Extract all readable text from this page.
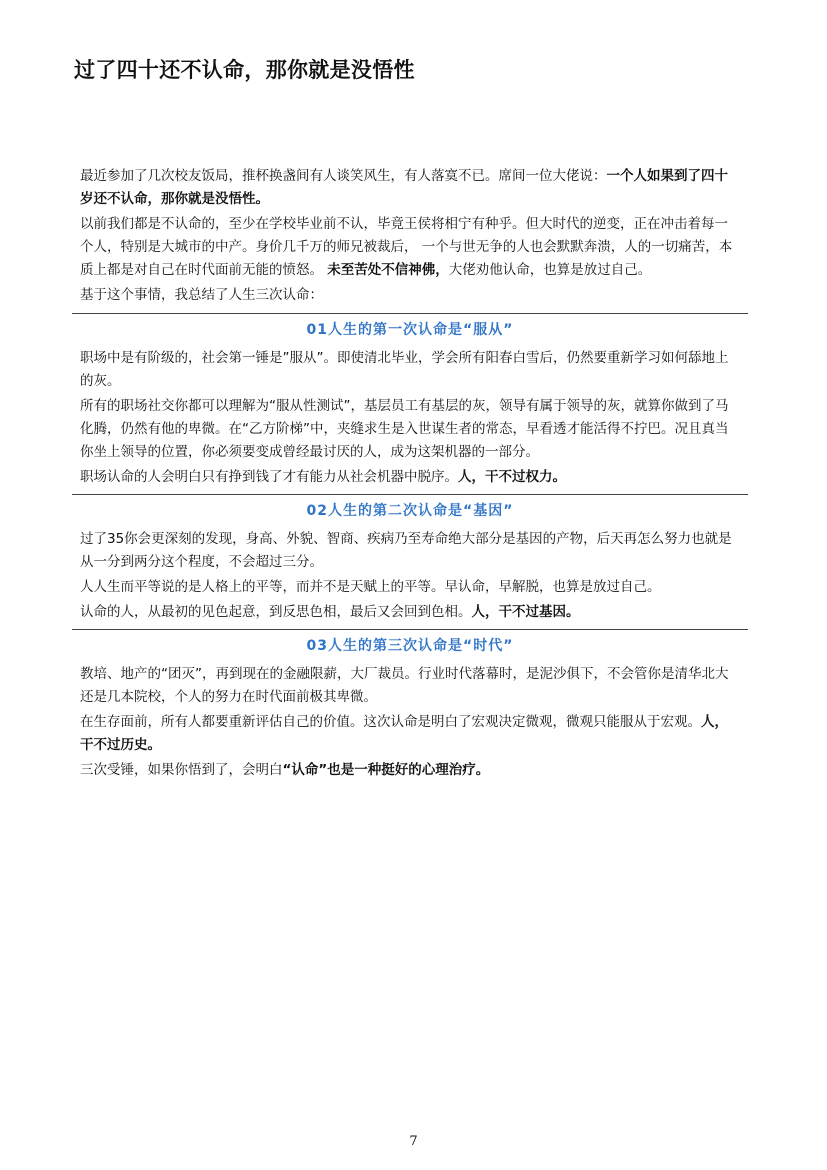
过了四十还不认命，那你就是没悟性

最近参加了几次校友饭局，推杯换盏间有人谈笑风生，有人落寞不已。席间一位大佬说：一个人如果到了四十岁还不认命，那你就是没悟性。

以前我们都是不认命的，至少在学校毕业前不认，毕竟王侯将相宁有种乎。但大时代的逆变，正在冲击着每一个人，特别是大城市的中产。身价几千万的师兄被裁后， 一个与世无争的人也会默默奔溃，人的一切痛苦，本质上都是对自己在时代面前无能的愤怒。 未至苦处不信神佛，大佬劝他认命，也算是放过自己。

基于这个事情，我总结了人生三次认命：

01人生的第一次认命是“服从”

职场中是有阶级的，社会第一锤是”服从”。即使清北毕业，学会所有阳春白雪后，仍然要重新学习如何舔地上的灰。

所有的职场社交你都可以理解为“服从性测试”，基层员工有基层的灰，领导有属于领导的灰，就算你做到了马化腾，仍然有他的卑微。在“乙方阶梯”中，夹缝求生是入世谋生者的常态，早看透才能活得不拧巴。况且真当你坐上领导的位置，你必须要变成曾经最讨厌的人，成为这架机器的一部分。

职场认命的人会明白只有挣到钱了才有能力从社会机器中脱序。人，干不过权力。

02人生的第二次认命是“基因”

过了35你会更深刻的发现，身高、外貌、智商、疾病乃至寿命绝大部分是基因的产物，后天再怎么努力也就是从一分到两分这个程度，不会超过三分。

人人生而平等说的是人格上的平等，而并不是天赋上的平等。早认命，早解脱，也算是放过自己。

认命的人，从最初的见色起意，到反思色相，最后又会回到色相。人，干不过基因。

03人生的第三次认命是“时代”

教培、地产的“团灭”，再到现在的金融限薪，大厂裁员。行业时代落幕时，是泥沙俱下，不会管你是清华北大还是几本院校，个人的努力在时代面前极其卑微。

在生存面前，所有人都要重新评估自己的价值。这次认命是明白了宏观决定微观，微观只能服从于宏观。人，干不过历史。

三次受锤，如果你悟到了，会明白“认命”也是一种挺好的心理治疗。

7
